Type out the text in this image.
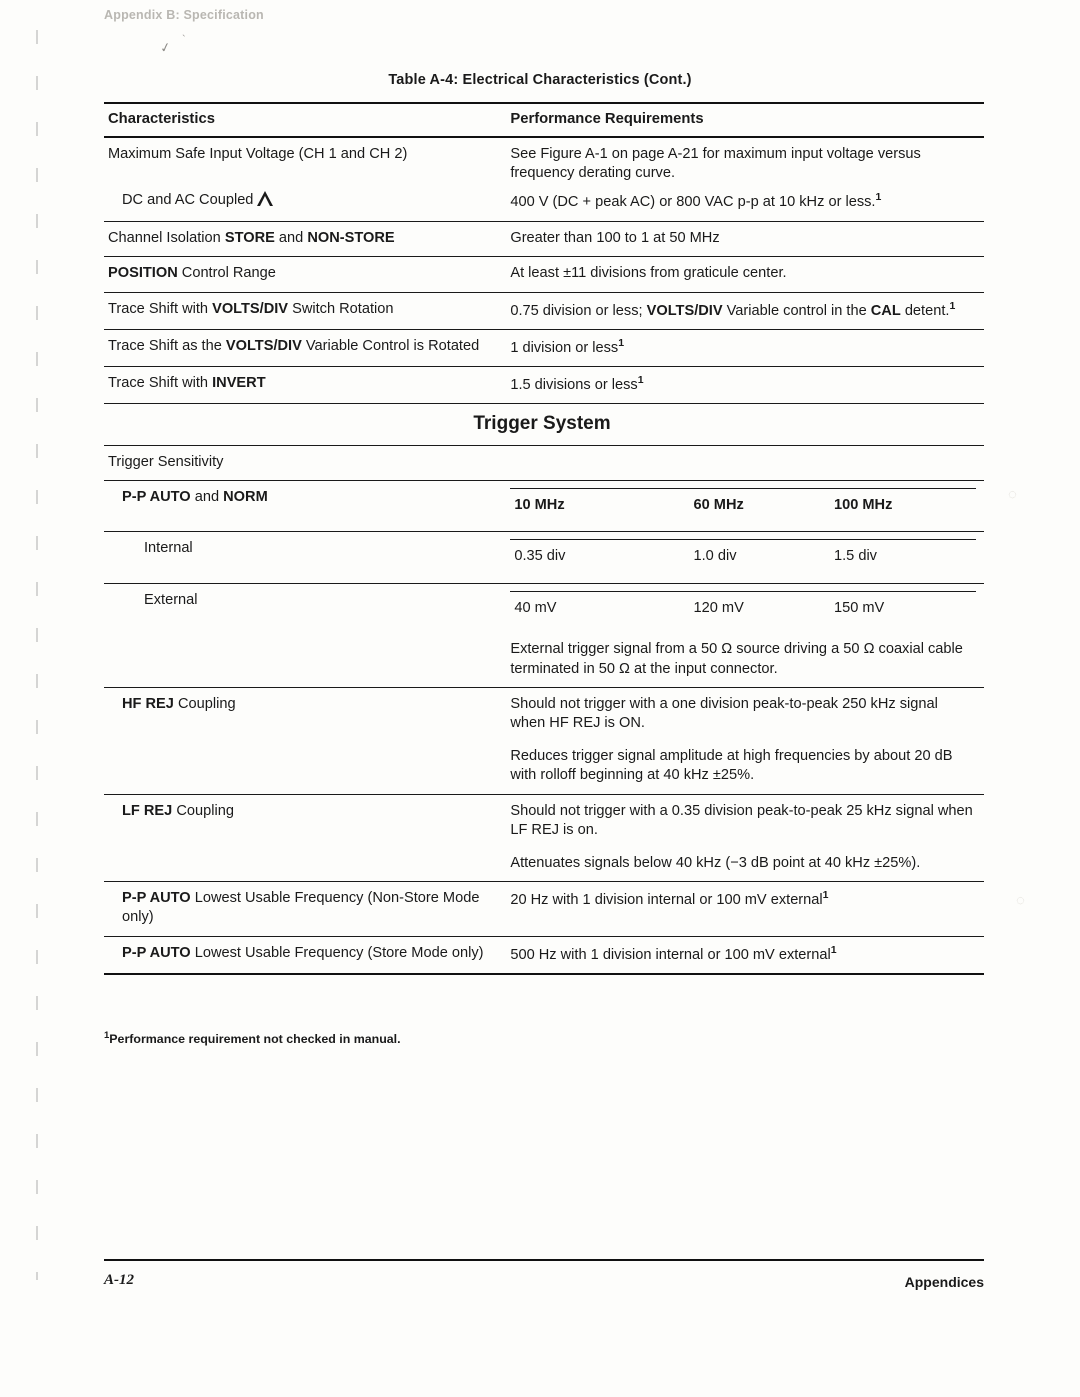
Appendix B: Specification
✓ `
Table A-4: Electrical Characteristics (Cont.)
Characteristics	Performance Requirements
Maximum Safe Input Voltage (CH 1 and CH 2)	See Figure A-1 on page A-21 for maximum input voltage versus frequency derating curve.
DC and AC Coupled !	400 V (DC + peak AC) or 800 VAC p-p at 10 kHz or less.$^1$
Channel Isolation STORE and NON-STORE	Greater than 100 to 1 at 50 MHz
POSITION Control Range	At least ±11 divisions from graticule center.
Trace Shift with VOLTS/DIV Switch Rotation	0.75 division or less; VOLTS/DIV Variable control in the CAL detent.$^1$
Trace Shift as the VOLTS/DIV Variable Control is Rotated	1 division or less$^1$
Trace Shift with INVERT	1.5 divisions or less$^1$
Trigger System
Trigger Sensitivity	
P-P AUTO and NORM		10 MHz	60 MHz	100 MHz

Internal		0.35 div	1.0 div	1.5 div

External		40 mV	120 mV	150 mV

	External trigger signal from a 50 Ω source driving a 50 Ω coaxial cable terminated in 50 Ω at the input connector.
HF REJ Coupling	Should not trigger with a one division peak-to-peak 250 kHz signal when HF REJ is ON.
Reduces trigger signal amplitude at high frequencies by about 20 dB with rolloff beginning at 40 kHz ±25%.

LF REJ Coupling	Should not trigger with a 0.35 division peak-to-peak 25 kHz signal when LF REJ is on.
Attenuates signals below 40 kHz (−3 dB point at 40 kHz ±25%).

P-P AUTO Lowest Usable Frequency (Non-Store Mode only)	20 Hz with 1 division internal or 100 mV external$^1$
P-P AUTO Lowest Usable Frequency (Store Mode only)	500 Hz with 1 division internal or 100 mV external$^1$

$^1$Performance requirement not checked in manual.
◌
◌
A-12	Appendices
